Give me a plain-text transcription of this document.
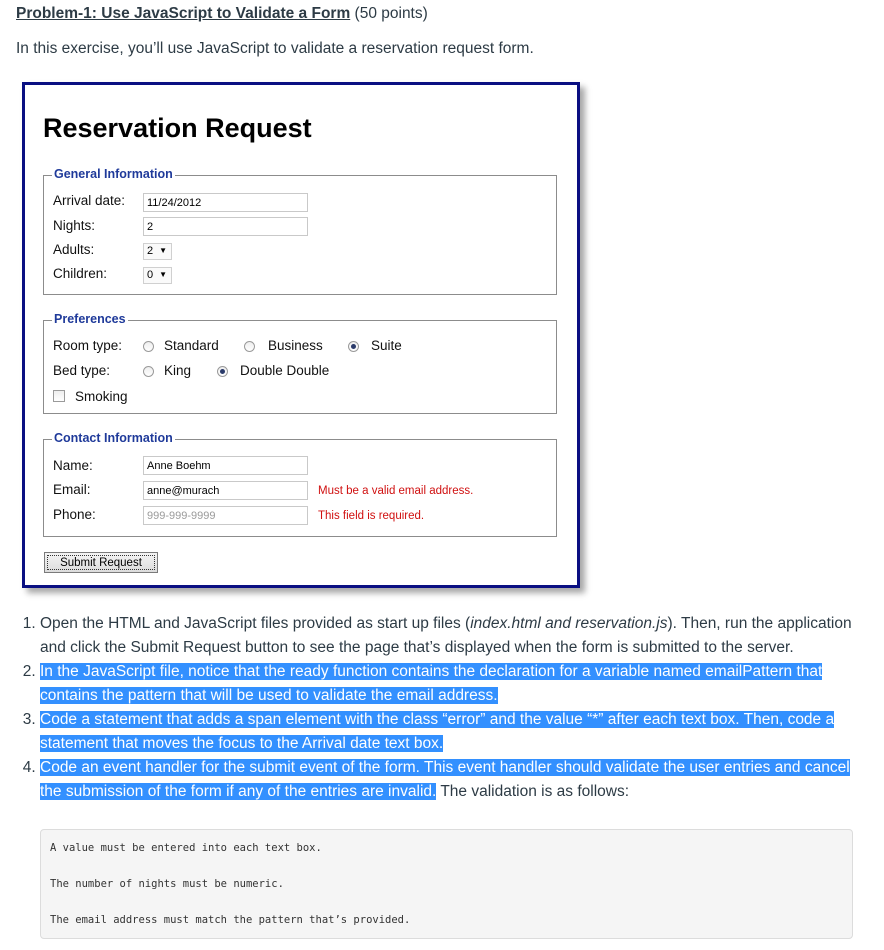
Problem-1: Use JavaScript to Validate a Form (50 points)
In this exercise, you’ll use JavaScript to validate a reservation request form.
Reservation Request
General Information
Arrival date:	11/24/2012
Nights:	2
Adults:	2 ▼
Children:	0 ▼
Preferences
Room type:	Standard	Business	Suite
Bed type:	King	Double Double
Smoking
Contact Information
Name:	Anne Boehm
Email:	anne@murach	Must be a valid email address.
Phone:	999-999-9999	This field is required.
Submit Request
1. Open the HTML and JavaScript files provided as start up files (index.html and reservation.js). Then, run the application and click the Submit Request button to see the page that’s displayed when the form is submitted to the server.
2. In the JavaScript file, notice that the ready function contains the declaration for a variable named emailPattern that contains the pattern that will be used to validate the email address.
3. Code a statement that adds a span element with the class “error” and the value “*” after each text box. Then, code a statement that moves the focus to the Arrival date text box.
4. Code an event handler for the submit event of the form. This event handler should validate the user entries and cancel the submission of the form if any of the entries are invalid. The validation is as follows:
A value must be entered into each text box.
The number of nights must be numeric.
The email address must match the pattern that’s provided.
